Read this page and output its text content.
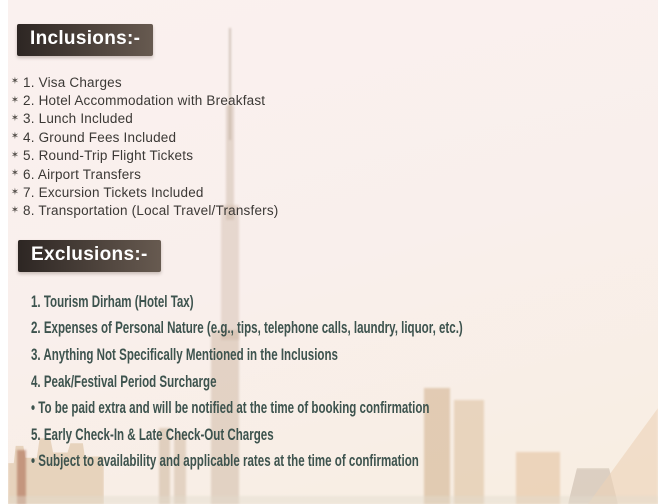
Inclusions:-
✶ 1. Visa Charges
✶ 2. Hotel Accommodation with Breakfast
✶ 3. Lunch Included
✶ 4. Ground Fees Included
✶ 5. Round-Trip Flight Tickets
✶ 6. Airport Transfers
✶ 7. Excursion Tickets Included
✶ 8. Transportation (Local Travel/Transfers)
Exclusions:-
1. Tourism Dirham (Hotel Tax)
2. Expenses of Personal Nature (e.g., tips, telephone calls, laundry, liquor, etc.)
3. Anything Not Specifically Mentioned in the Inclusions
4. Peak/Festival Period Surcharge
• To be paid extra and will be notified at the time of booking confirmation
5. Early Check-In & Late Check-Out Charges
• Subject to availability and applicable rates at the time of confirmation
